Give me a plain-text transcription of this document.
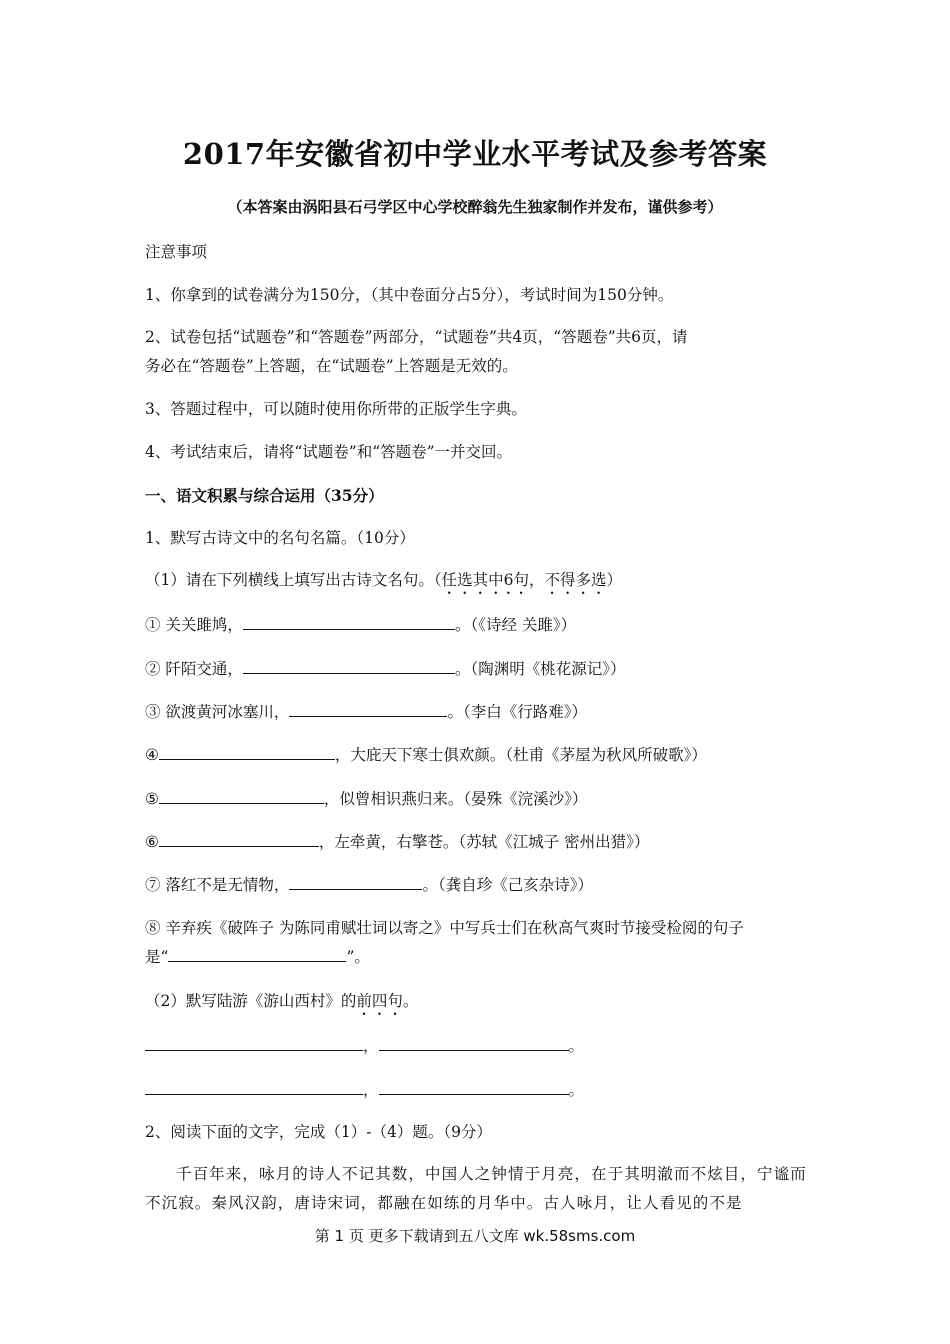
2017年安徽省初中学业水平考试及参考答案
（本答案由涡阳县石弓学区中心学校醉翁先生独家制作并发布，谨供参考）
注意事项
1、你拿到的试卷满分为150分，（其中卷面分占5分），考试时间为150分钟。
2、试卷包括“试题卷”和“答题卷”两部分，“试题卷”共4页，“答题卷”共6页，请
务必在“答题卷”上答题，在“试题卷”上答题是无效的。
3、答题过程中，可以随时使用你所带的正版学生字典。
4、考试结束后，请将“试题卷”和“答题卷”一并交回。
一、语文积累与综合运用（35分）
1、默写古诗文中的名句名篇。（10分）
（1）请在下列横线上填写出古诗文名句。（任选其中6句，不得多选）
① 关关雎鸠，	。（《诗经 关雎》）
② 阡陌交通，	。（陶渊明《桃花源记》）
③ 欲渡黄河冰塞川，	。（李白《行路难》）
④	，大庇天下寒士俱欢颜。（杜甫《茅屋为秋风所破歌》）
⑤	，似曾相识燕归来。（晏殊《浣溪沙》）
⑥	，左牵黄，右擎苍。（苏轼《江城子 密州出猎》）
⑦ 落红不是无情物，	。（龚自珍《己亥杂诗》）
⑧ 辛弃疾《破阵子 为陈同甫赋壮词以寄之》中写兵士们在秋高气爽时节接受检阅的句子
是“	”。
（2）默写陆游《游山西村》的前四句。
，	。
，	。
2、阅读下面的文字，完成（1）-（4）题。（9分）
千百年来，咏月的诗人不记其数，中国人之钟情于月亮，在于其明澈而不炫目，宁谧而不沉寂。秦风汉韵，唐诗宋词，都融在如练的月华中。古人咏月，让人看见的不是
第 1 页 更多下载请到五八文库 wk.58sms.com
